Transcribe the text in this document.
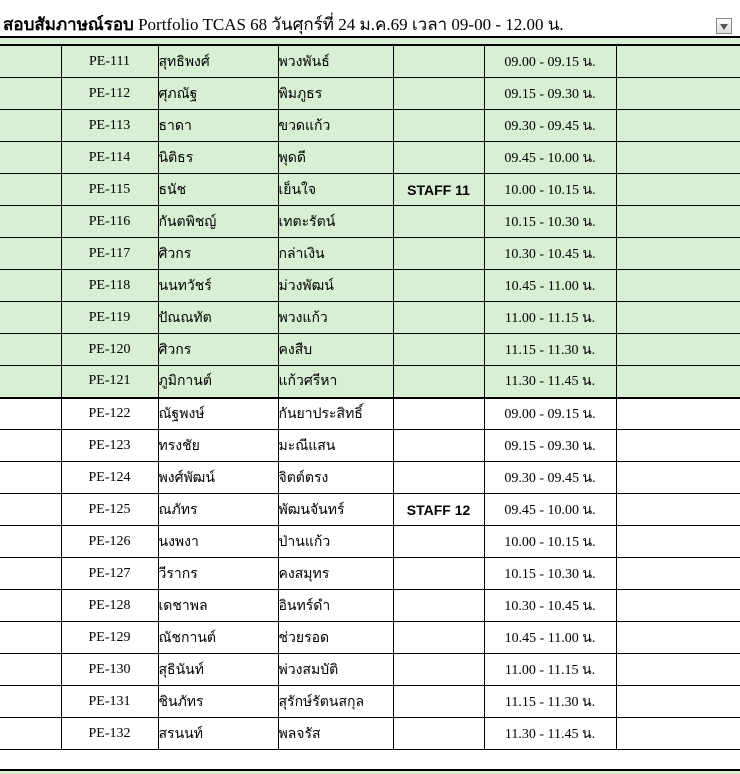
สอบสัมภาษณ์รอบ Portfolio TCAS 68 วันศุกร์ที่ 24 ม.ค.69 เวลา 09-00 - 12.00 น.
	PE-111	สุทธิพงศ์	พวงพันธ์		09.00 - 09.15 น.	
	PE-112	ศุภณัฐ	พิมภูธร		09.15 - 09.30 น.	
	PE-113	ธาดา	ขวดแก้ว		09.30 - 09.45 น.	
	PE-114	นิติธร	พุดดี		09.45 - 10.00 น.	
	PE-115	ธนัช	เย็นใจ	STAFF 11	10.00 - 10.15 น.	
	PE-116	กันตพิชญ์	เทตะรัตน์		10.15 - 10.30 น.	
	PE-117	ศิวกร	กล่าเงิน		10.30 - 10.45 น.	
	PE-118	นนทวัชร์	ม่วงพัฒน์		10.45 - 11.00 น.	
	PE-119	ปัณณทัต	พวงแก้ว		11.00 - 11.15 น.	
	PE-120	ศิวกร	คงสืบ		11.15 - 11.30 น.	
	PE-121	ภูมิกานต์	แก้วศรีหา		11.30 - 11.45 น.	
	PE-122	ณัฐพงษ์	กันยาประสิทธิ์		09.00 - 09.15 น.	
	PE-123	ทรงชัย	มะณีแสน		09.15 - 09.30 น.	
	PE-124	พงศ์พัฒน์	จิตต์ตรง		09.30 - 09.45 น.	
	PE-125	ณภัทร	พัฒนจันทร์	STAFF 12	09.45 - 10.00 น.	
	PE-126	นงพงา	ป่านแก้ว		10.00 - 10.15 น.	
	PE-127	วีรากร	คงสมุทร		10.15 - 10.30 น.	
	PE-128	เดชาพล	อินทร์ดำ		10.30 - 10.45 น.	
	PE-129	ณัชกานต์	ช่วยรอด		10.45 - 11.00 น.	
	PE-130	สุธินันท์	พ่วงสมบัติ		11.00 - 11.15 น.	
	PE-131	ชินภัทร	สุรักษ์รัตนสกุล		11.15 - 11.30 น.	
	PE-132	สรนนท์	พลจรัส		11.30 - 11.45 น.	
